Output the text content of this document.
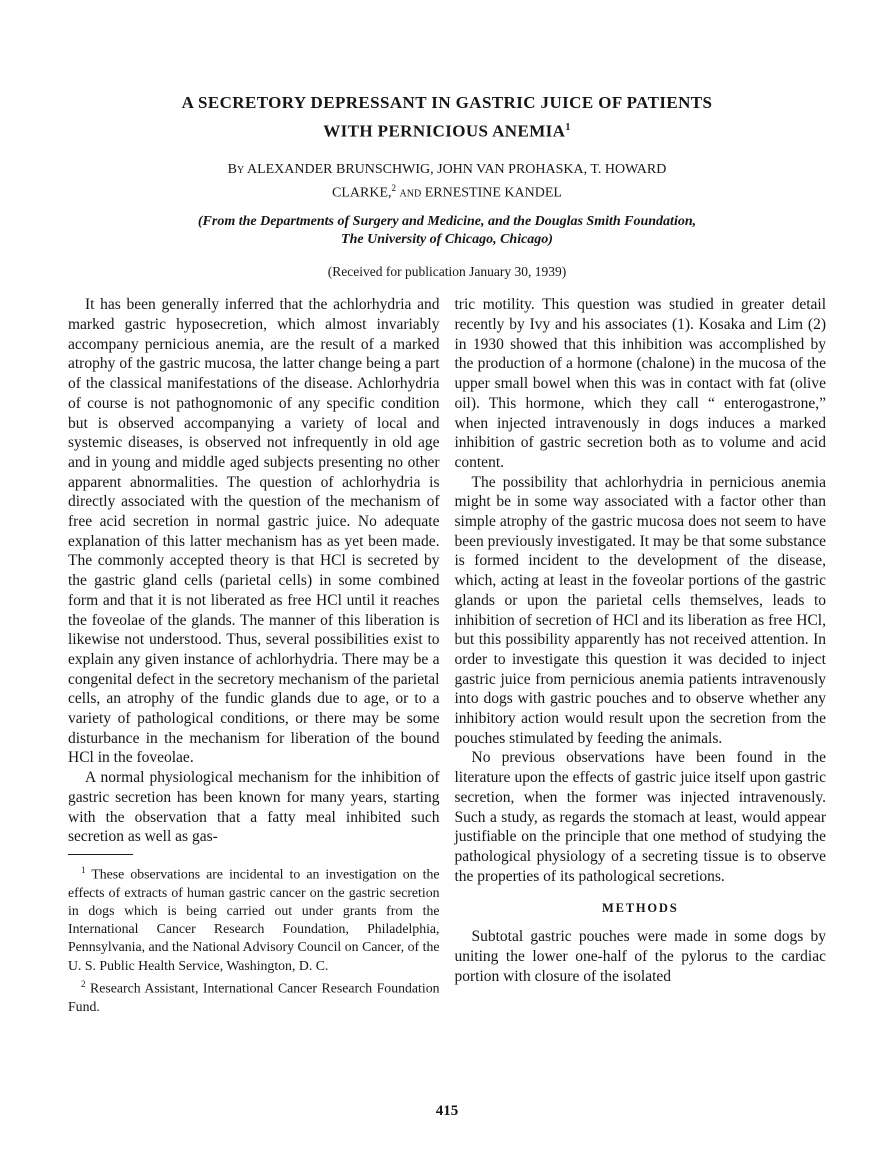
A SECRETORY DEPRESSANT IN GASTRIC JUICE OF PATIENTS
WITH PERNICIOUS ANEMIA$^1$
By ALEXANDER BRUNSCHWIG, JOHN VAN PROHASKA, T. HOWARD
CLARKE,$^2$ and ERNESTINE KANDEL
(From the Departments of Surgery and Medicine, and the Douglas Smith Foundation,
The University of Chicago, Chicago)
(Received for publication January 30, 1939)

It has been generally inferred that the achlorhydria and marked gastric hyposecretion, which almost invariably accompany pernicious anemia, are the result of a marked atrophy of the gastric mucosa, the latter change being a part of the classical manifestations of the disease. Achlorhydria of course is not pathognomonic of any specific condition but is observed accompanying a variety of local and systemic diseases, is observed not infrequently in old age and in young and middle aged subjects presenting no other apparent abnormalities. The question of achlorhydria is directly associated with the question of the mechanism of free acid secretion in normal gastric juice. No adequate explanation of this latter mechanism has as yet been made. The commonly accepted theory is that HCl is secreted by the gastric gland cells (parietal cells) in some combined form and that it is not liberated as free HCl until it reaches the foveolae of the glands. The manner of this liberation is likewise not understood. Thus, several possibilities exist to explain any given instance of achlorhydria. There may be a congenital defect in the secretory mechanism of the parietal cells, an atrophy of the fundic glands due to age, or to a variety of pathological conditions, or there may be some disturbance in the mechanism for liberation of the bound HCl in the foveolae.

A normal physiological mechanism for the inhibition of gastric secretion has been known for many years, starting with the observation that a fatty meal inhibited such secretion as well as gas-

$^1$ These observations are incidental to an investigation on the effects of extracts of human gastric cancer on the gastric secretion in dogs which is being carried out under grants from the International Cancer Research Foundation, Philadelphia, Pennsylvania, and the National Advisory Council on Cancer, of the U. S. Public Health Service, Washington, D. C.

$^2$ Research Assistant, International Cancer Research Foundation Fund.

tric motility. This question was studied in greater detail recently by Ivy and his associates (1). Kosaka and Lim (2) in 1930 showed that this inhibition was accomplished by the production of a hormone (chalone) in the mucosa of the upper small bowel when this was in contact with fat (olive oil). This hormone, which they call “ enterogastrone,” when injected intravenously in dogs induces a marked inhibition of gastric secretion both as to volume and acid content.

The possibility that achlorhydria in pernicious anemia might be in some way associated with a factor other than simple atrophy of the gastric mucosa does not seem to have been previously investigated. It may be that some substance is formed incident to the development of the disease, which, acting at least in the foveolar portions of the gastric glands or upon the parietal cells themselves, leads to inhibition of secretion of HCl and its liberation as free HCl, but this possibility apparently has not received attention. In order to investigate this question it was decided to inject gastric juice from pernicious anemia patients intravenously into dogs with gastric pouches and to observe whether any inhibitory action would result upon the secretion from the pouches stimulated by feeding the animals.

No previous observations have been found in the literature upon the effects of gastric juice itself upon gastric secretion, when the former was injected intravenously. Such a study, as regards the stomach at least, would appear justifiable on the principle that one method of studying the pathological physiology of a secreting tissue is to observe the properties of its pathological secretions.

METHODS

Subtotal gastric pouches were made in some dogs by uniting the lower one-half of the pylorus to the cardiac portion with closure of the isolated

415
